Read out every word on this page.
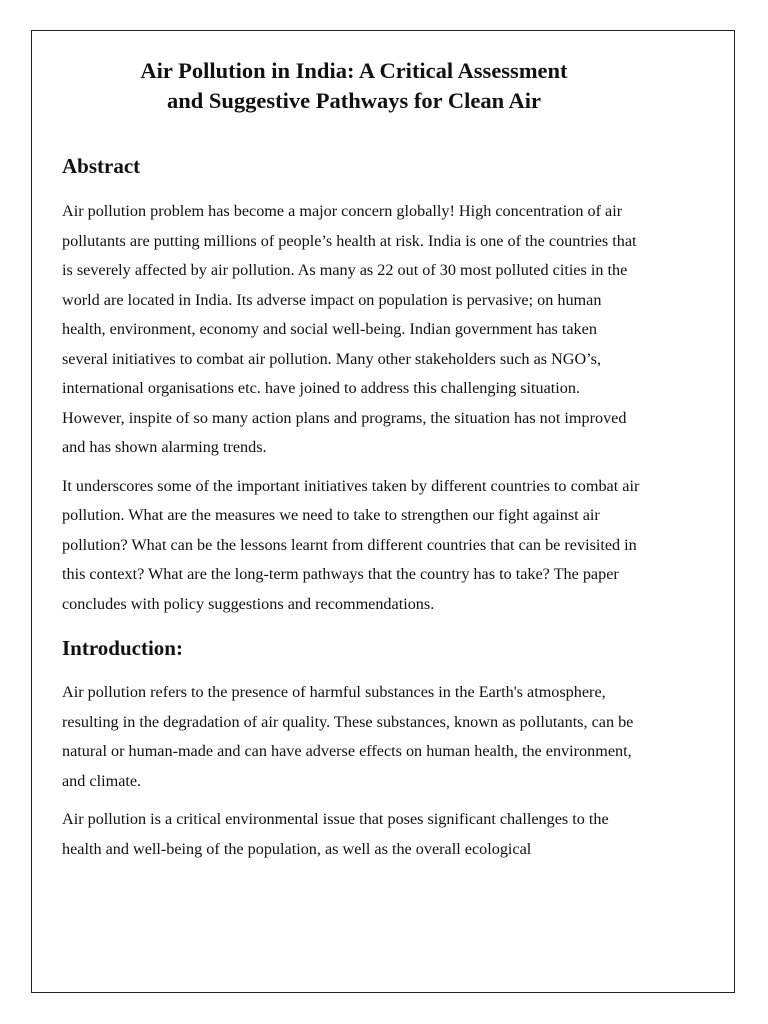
Air Pollution in India: A Critical Assessment
and Suggestive Pathways for Clean Air
Abstract

Air pollution problem has become a major concern globally! High concentration of air pollutants are putting millions of people’s health at risk. India is one of the countries that is severely affected by air pollution. As many as 22 out of 30 most polluted cities in the world are located in India. Its adverse impact on population is pervasive; on human health, environment, economy and social well-being. Indian government has taken several initiatives to combat air pollution. Many other stakeholders such as NGO’s, international organisations etc. have joined to address this challenging situation. However, inspite of so many action plans and programs, the situation has not improved and has shown alarming trends.

It underscores some of the important initiatives taken by different countries to combat air pollution. What are the measures we need to take to strengthen our fight against air pollution? What can be the lessons learnt from different countries that can be revisited in this context? What are the long-term pathways that the country has to take? The paper concludes with policy suggestions and recommendations.

Introduction:

Air pollution refers to the presence of harmful substances in the Earth's atmosphere, resulting in the degradation of air quality. These substances, known as pollutants, can be natural or human-made and can have adverse effects on human health, the environment, and climate.

Air pollution is a critical environmental issue that poses significant challenges to the health and well-being of the population, as well as the overall ecological
